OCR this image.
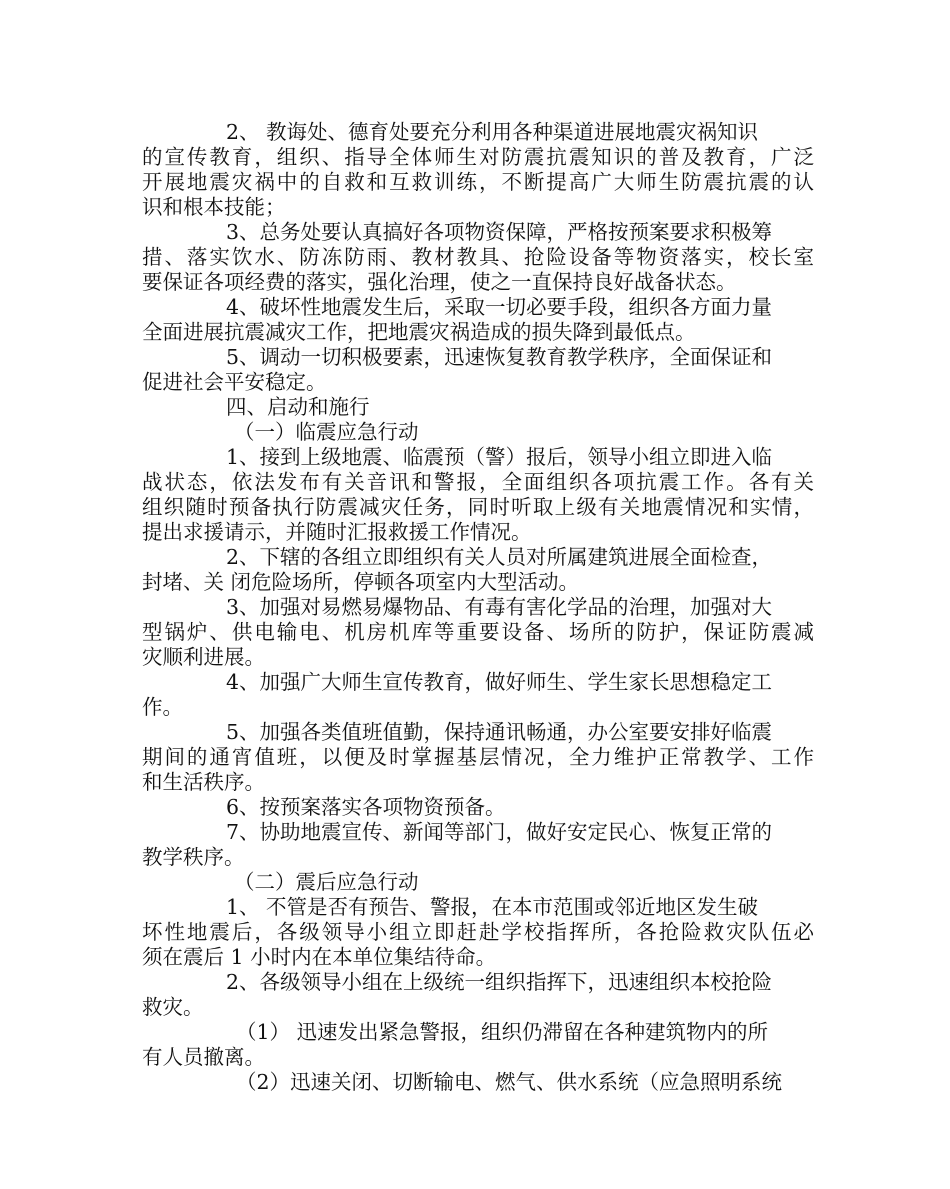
2、 教诲处、德育处要充分利用各种渠道进展地震灾祸知识
的宣传教育，组织、指导全体师生对防震抗震知识的普及教育，广泛
开展地震灾祸中的自救和互救训练，不断提高广大师生防震抗震的认
识和根本技能；
3、总务处要认真搞好各项物资保障，严格按预案要求积极筹
措、落实饮水、防冻防雨、教材教具、抢险设备等物资落实，校长室
要保证各项经费的落实，强化治理，使之一直保持良好战备状态。
4、破坏性地震发生后，采取一切必要手段，组织各方面力量
全面进展抗震减灾工作，把地震灾祸造成的损失降到最低点。
5、调动一切积极要素，迅速恢复教育教学秩序，全面保证和
促进社会平安稳定。
四、启动和施行
（一）临震应急行动
1、接到上级地震、临震预（警）报后，领导小组立即进入临
战状态，依法发布有关音讯和警报，全面组织各项抗震工作。各有关
组织随时预备执行防震减灾任务，同时听取上级有关地震情况和实情，
提出求援请示，并随时汇报救援工作情况。
2、下辖的各组立即组织有关人员对所属建筑进展全面检查，
封堵、关 闭危险场所，停顿各项室内大型活动。
3、加强对易燃易爆物品、有毒有害化学品的治理，加强对大
型锅炉、供电输电、机房机库等重要设备、场所的防护，保证防震减
灾顺利进展。
4、加强广大师生宣传教育，做好师生、学生家长思想稳定工
作。
5、加强各类值班值勤，保持通讯畅通，办公室要安排好临震
期间的通宵值班，以便及时掌握基层情况，全力维护正常教学、工作
和生活秩序。
6、按预案落实各项物资预备。
7、协助地震宣传、新闻等部门，做好安定民心、恢复正常的
教学秩序。
（二）震后应急行动
1、 不管是否有预告、警报，在本市范围或邻近地区发生破
坏性地震后，各级领导小组立即赶赴学校指挥所，各抢险救灾队伍必
须在震后 1 小时内在本单位集结待命。
2、各级领导小组在上级统一组织指挥下，迅速组织本校抢险
救灾。
（1） 迅速发出紧急警报，组织仍滞留在各种建筑物内的所
有人员撤离。
（2）迅速关闭、切断输电、燃气、供水系统（应急照明系统
